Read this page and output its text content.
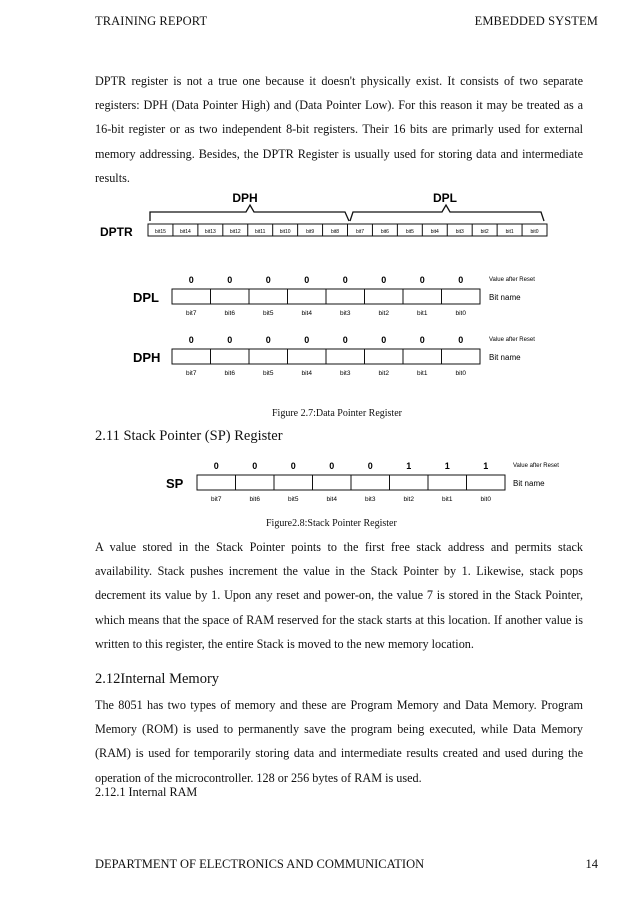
TRAINING REPORT	EMBEDDED SYSTEM

DPTR register is not a true one because it doesn't physically exist. It consists of two separate registers: DPH (Data Pointer High) and (Data Pointer Low). For this reason it may be treated as a 16-bit register or as two independent 8-bit registers. Their 16 bits are primarly used for external memory addressing. Besides, the DPTR Register is usually used for storing data and intermediate results.

DPH	DPL
DPTR	bit15	bit14	bit13	bit12	bit11	bit10	bit9	bit8	bit7	bit6	bit5	bit4	bit3	bit2	bit1	bit0
0	0	0	0	0	0	0	0	Value after Reset
DPL	Bit name
bit7	bit6	bit5	bit4	bit3	bit2	bit1	bit0
0	0	0	0	0	0	0	0	Value after Reset
DPH	Bit name
bit7	bit6	bit5	bit4	bit3	bit2	bit1	bit0
Figure 2.7:Data Pointer Register
2.11 Stack Pointer (SP) Register
0	0	0	0	0	1	1	1	Value after Reset
SP	Bit name
bit7	bit6	bit5	bit4	bit3	bit2	bit1	bit0
Figure2.8:Stack Pointer Register

A value stored in the Stack Pointer points to the first free stack address and permits stack availability. Stack pushes increment the value in the Stack Pointer by 1. Likewise, stack pops decrement its value by 1. Upon any reset and power-on, the value 7 is stored in the Stack Pointer, which means that the space of RAM reserved for the stack starts at this location. If another value is written to this register, the entire Stack is moved to the new memory location.

2.12Internal Memory

The 8051 has two types of memory and these are Program Memory and Data Memory. Program Memory (ROM) is used to permanently save the program being executed, while Data Memory (RAM) is used for temporarily storing data and intermediate results created and used during the operation of the microcontroller. 128 or 256 bytes of RAM is used.

2.12.1 Internal RAM
DEPARTMENT OF ELECTRONICS AND COMMUNICATION	14
